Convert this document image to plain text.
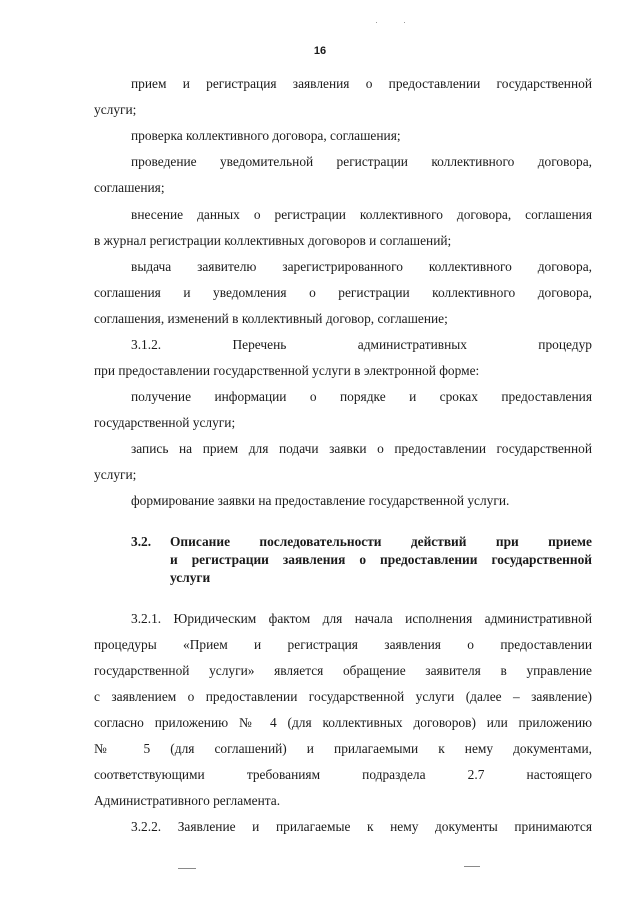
16
прием и регистрация заявления о предоставлении государственной
услуги;
проверка коллективного договора, соглашения;
проведение уведомительной регистрации коллективного договора,
соглашения;
внесение данных о регистрации коллективного договора, соглашения
в журнал регистрации коллективных договоров и соглашений;
выдача заявителю зарегистрированного коллективного договора,
соглашения и уведомления о регистрации коллективного договора,
соглашения, изменений в коллективный договор, соглашение;
3.1.2. Перечень административных процедур
при предоставлении государственной услуги в электронной форме:
получение информации о порядке и сроках предоставления
государственной услуги;
запись на прием для подачи заявки о предоставлении государственной
услуги;
формирование заявки на предоставление государственной услуги.
3.2. Описание последовательности действий при приеме
и регистрации заявления о предоставлении государственной
услуги
3.2.1. Юридическим фактом для начала исполнения административной
процедуры «Прием и регистрация заявления о предоставлении
государственной услуги» является обращение заявителя в управление
с заявлением о предоставлении государственной услуги (далее – заявление)
согласно приложению № 4 (для коллективных договоров) или приложению
№ 5 (для соглашений) и прилагаемыми к нему документами,
соответствующими требованиям подраздела 2.7 настоящего
Административного регламента.
3.2.2. Заявление и прилагаемые к нему документы принимаются
